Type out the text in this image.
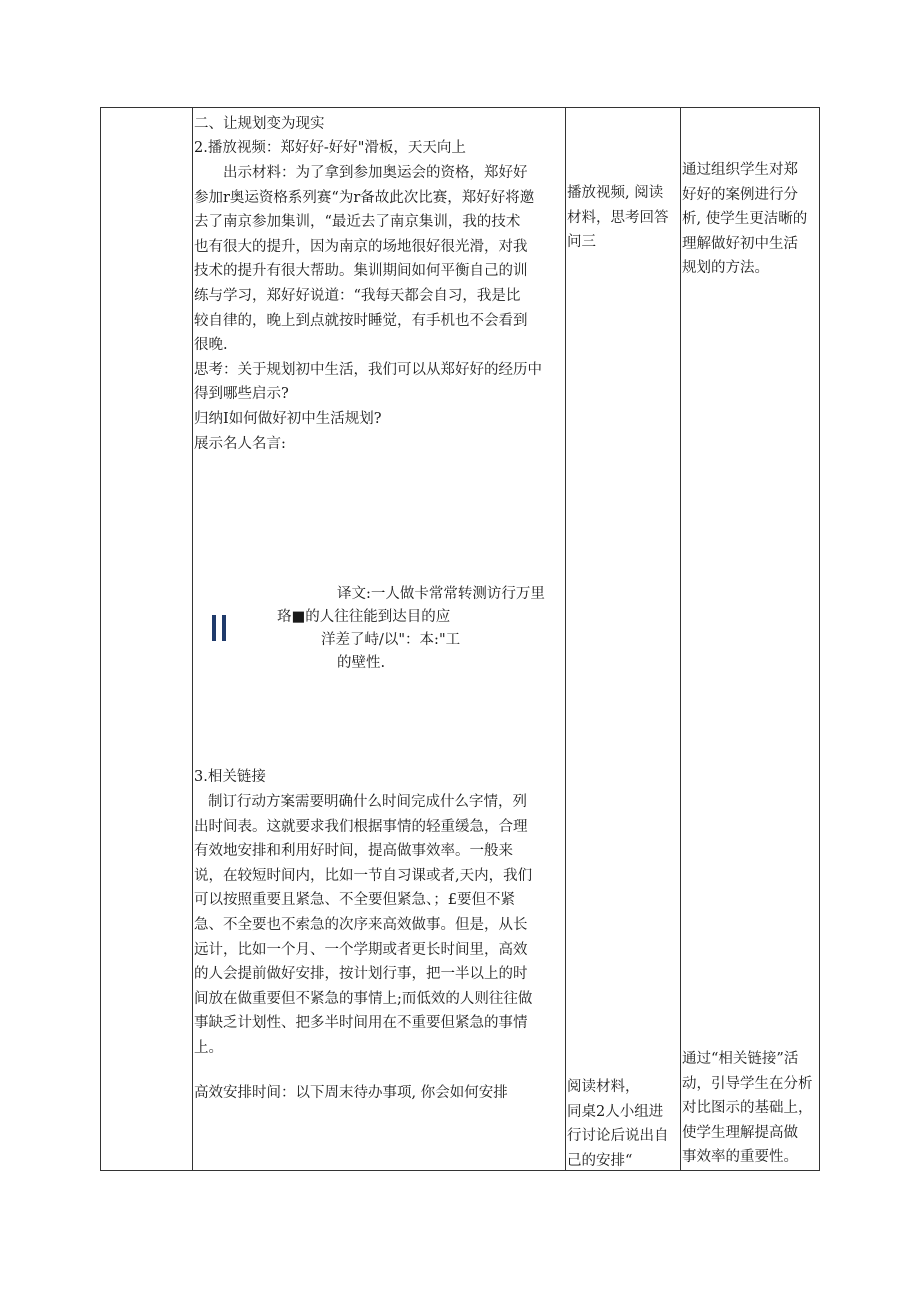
二、让规划变为现实
2.播放视频：郑好好-好好"滑板，天天向上
出示材料：为了拿到参加奥运会的资格，郑好好
参加r奥运资格系列赛“为r备故此次比赛，郑好好将邀
去了南京参加集训，“最近去了南京集训，我的技术
也有很大的提升，因为南京的场地很好很光滑，对我
技术的提升有很大帮助。集训期间如何平衡自己的训
练与学习，郑好好说道：“我每天都会自习，我是比
较自律的，晚上到点就按时睡觉，有手机也不会看到
很晚.
思考：关于规划初中生活，我们可以从郑好好的经历中
得到哪些启示?
归纳I如何做好初中生活规划?
展示名人名言:
译文:一人做卡常常转测访行万里
珞■的人往往能到达目的应
洋差了峙/以"：本:"工
的壁性.
3.相关链接
制订行动方案需要明确什么时间完成什么字情，列
出时间表。这就要求我们根据事情的轻重缓急，合理
有效地安排和利用好时间，提高做事效率。一般来
说，在较短时间内，比如一节自习课或者,天内，我们
可以按照重要且紧急、不全要但紧急、；£要但不紧
急、不全要也不索急的次序来高效做事。但是，从长
远计，比如一个月、一个学期或者更长时间里，高效
的人会提前做好安排，按计划行事，把一半以上的时
间放在做重要但不紧急的事情上;而低效的人则往往做
事缺乏计划性、把多半时间用在不重要但紧急的事情
上。
高效安排时间：以下周末待办事项, 你会如何安排
播放视频, 阅读
材料，思考回答
问三
阅读材料，
同桌2人小组进
行讨论后说出自
己的安排“
通过组织学生对郑
好好的案例进行分
析, 使学生更洁晰的
理解做好初中生活
规划的方法。
通过“相关链接”活
动，引导学生在分析
对比图示的基础上，
使学生理解提高做
事效率的重要性。
